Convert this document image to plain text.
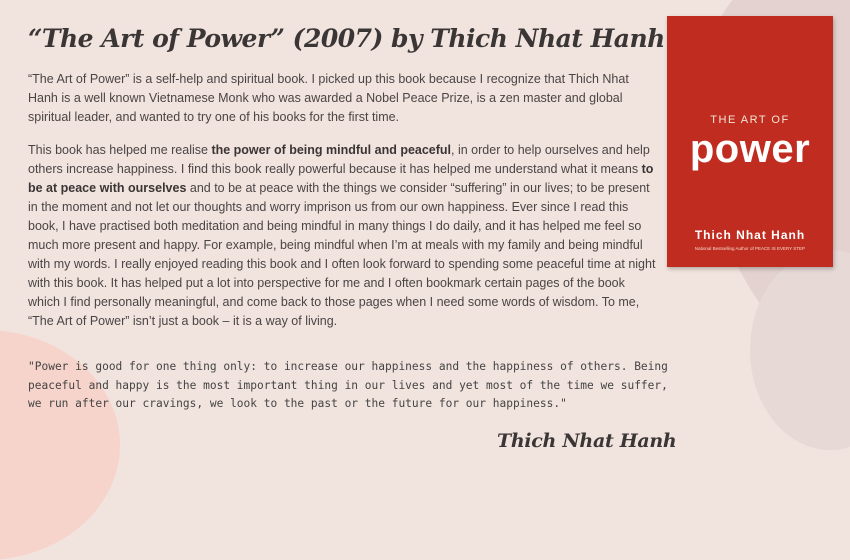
“The Art of Power” (2007) by Thich Nhat Hanh

“The Art of Power” is a self-help and spiritual book. I picked up this book because I recognize that Thich Nhat Hanh is a well known Vietnamese Monk who was awarded a Nobel Peace Prize, is a zen master and global spiritual leader, and wanted to try one of his books for the first time.

This book has helped me realise the power of being mindful and peaceful, in order to help ourselves and help others increase happiness. I find this book really powerful because it has helped me understand what it means to be at peace with ourselves and to be at peace with the things we consider “suffering” in our lives; to be present in the moment and not let our thoughts and worry imprison us from our own happiness. Ever since I read this book, I have practised both meditation and being mindful in many things I do daily, and it has helped me feel so much more present and happy. For example, being mindful when I’m at meals with my family and being mindful with my words. I really enjoyed reading this book and I often look forward to spending some peaceful time at night with this book. It has helped put a lot into perspective for me and I often bookmark certain pages of the book which I find personally meaningful, and come back to those pages when I need some words of wisdom. To me, “The Art of Power” isn’t just a book – it is a way of living.

"Power is good for one thing only: to increase our happiness and the happiness of others. Being peaceful and happy is the most important thing in our lives and yet most of the time we suffer, we run after our cravings, we look to the past or the future for our happiness."

Thich Nhat Hanh
THE ART OF
power
Thich Nhat Hanh
National Bestselling Author of PEACE IS EVERY STEP
